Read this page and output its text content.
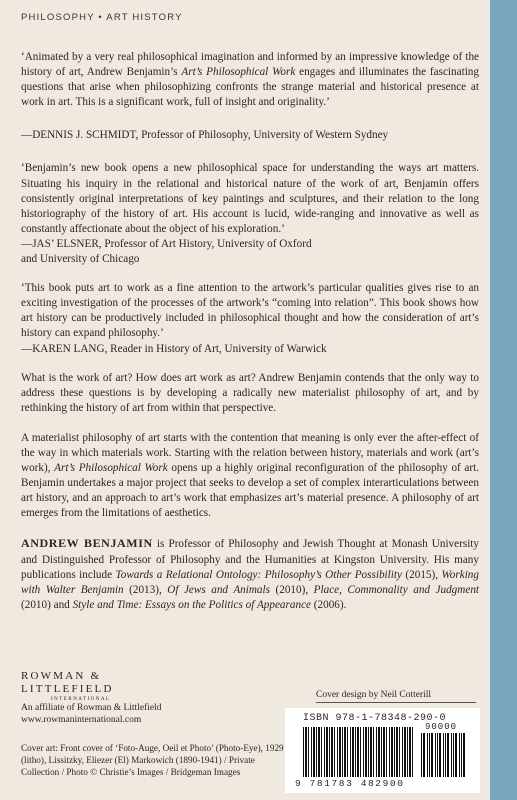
PHILOSOPHY • ART HISTORY

‘Animated by a very real philosophical imagination and informed by an impressive knowledge of the history of art, Andrew Benjamin’s Art’s Philosophical Work engages and illuminates the fascinating questions that arise when philosophizing confronts the strange material and historical presence at work in art. This is a significant work, full of insight and originality.’

—DENNIS J. SCHMIDT, Professor of Philosophy, University of Western Sydney

‘Benjamin’s new book opens a new philosophical space for understanding the ways art matters. Situating his inquiry in the relational and historical nature of the work of art, Benjamin offers consistently original interpretations of key paintings and sculptures, and their relation to the long historiography of the history of art. His account is lucid, wide-ranging and innovative as well as constantly affectionate about the object of his exploration.’

—JAS’ ELSNER, Professor of Art History, University of Oxford

and University of Chicago

‘This book puts art to work as a fine attention to the artwork’s particular qualities gives rise to an exciting investigation of the processes of the artwork’s “coming into relation”. This book shows how art history can be productively included in philosophical thought and how the consideration of art’s history can expand philosophy.’

—KAREN LANG, Reader in History of Art, University of Warwick

What is the work of art? How does art work as art? Andrew Benjamin contends that the only way to address these questions is by developing a radically new materialist philosophy of art, and by rethinking the history of art from within that perspective.

A materialist philosophy of art starts with the contention that meaning is only ever the after-effect of the way in which materials work. Starting with the relation between history, materials and work (art’s work), Art’s Philosophical Work opens up a highly original reconfiguration of the philosophy of art. Benjamin undertakes a major project that seeks to develop a set of complex interarticulations between art history, and an approach to art’s work that emphasizes art’s material presence. A philosophy of art emerges from the limitations of aesthetics.

ANDREW BENJAMIN is Professor of Philosophy and Jewish Thought at Monash University and Distinguished Professor of Philosophy and the Humanities at Kingston University. His many publications include Towards a Relational Ontology: Philosophy’s Other Possibility (2015), Working with Walter Benjamin (2013), Of Jews and Animals (2010), Place, Commonality and Judgment (2010) and Style and Time: Essays on the Politics of Appearance (2006).

ROWMAN &
LITTLEFIELD
INTERNATIONAL
An affiliate of Rowman & Littlefield
www.rowmaninternational.com
Cover art: Front cover of ‘Foto-Auge, Oeil et Photo’ (Photo-Eye), 1929 (litho), Lissitzky, Eliezer (El) Markowich (1890-1941) / Private Collection / Photo © Christie’s Images / Bridgeman Images
Cover design by Neil Cotterill
ISBN 978-1-78348-290-0
90000
9 781783 482900
